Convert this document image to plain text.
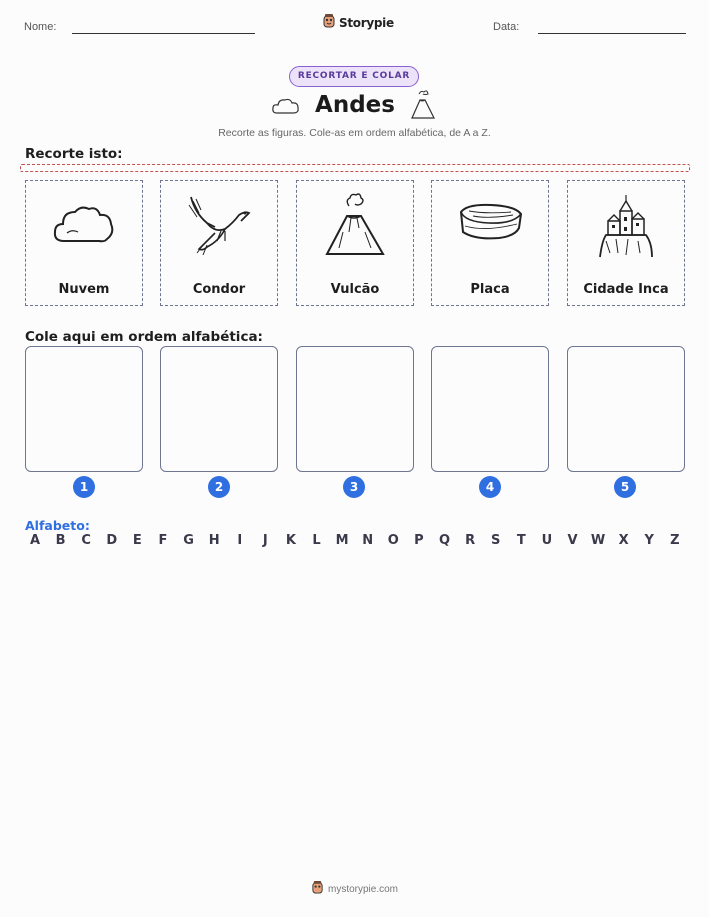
Nome:	Storypie	Data:
RECORTAR E COLAR
Andes
Recorte as figuras. Cole-as em ordem alfabética, de A a Z.
Recorte isto:
Nuvem	Condor	Vulcão	Placa	Cidade Inca
Cole aqui em ordem alfabética:
1	2	3	4	5
Alfabeto:
A	B	C	D	E	F	G	H	I	J	K	L	M	N	O	P	Q	R	S	T	U	V	W	X	Y	Z
mystorypie.com
